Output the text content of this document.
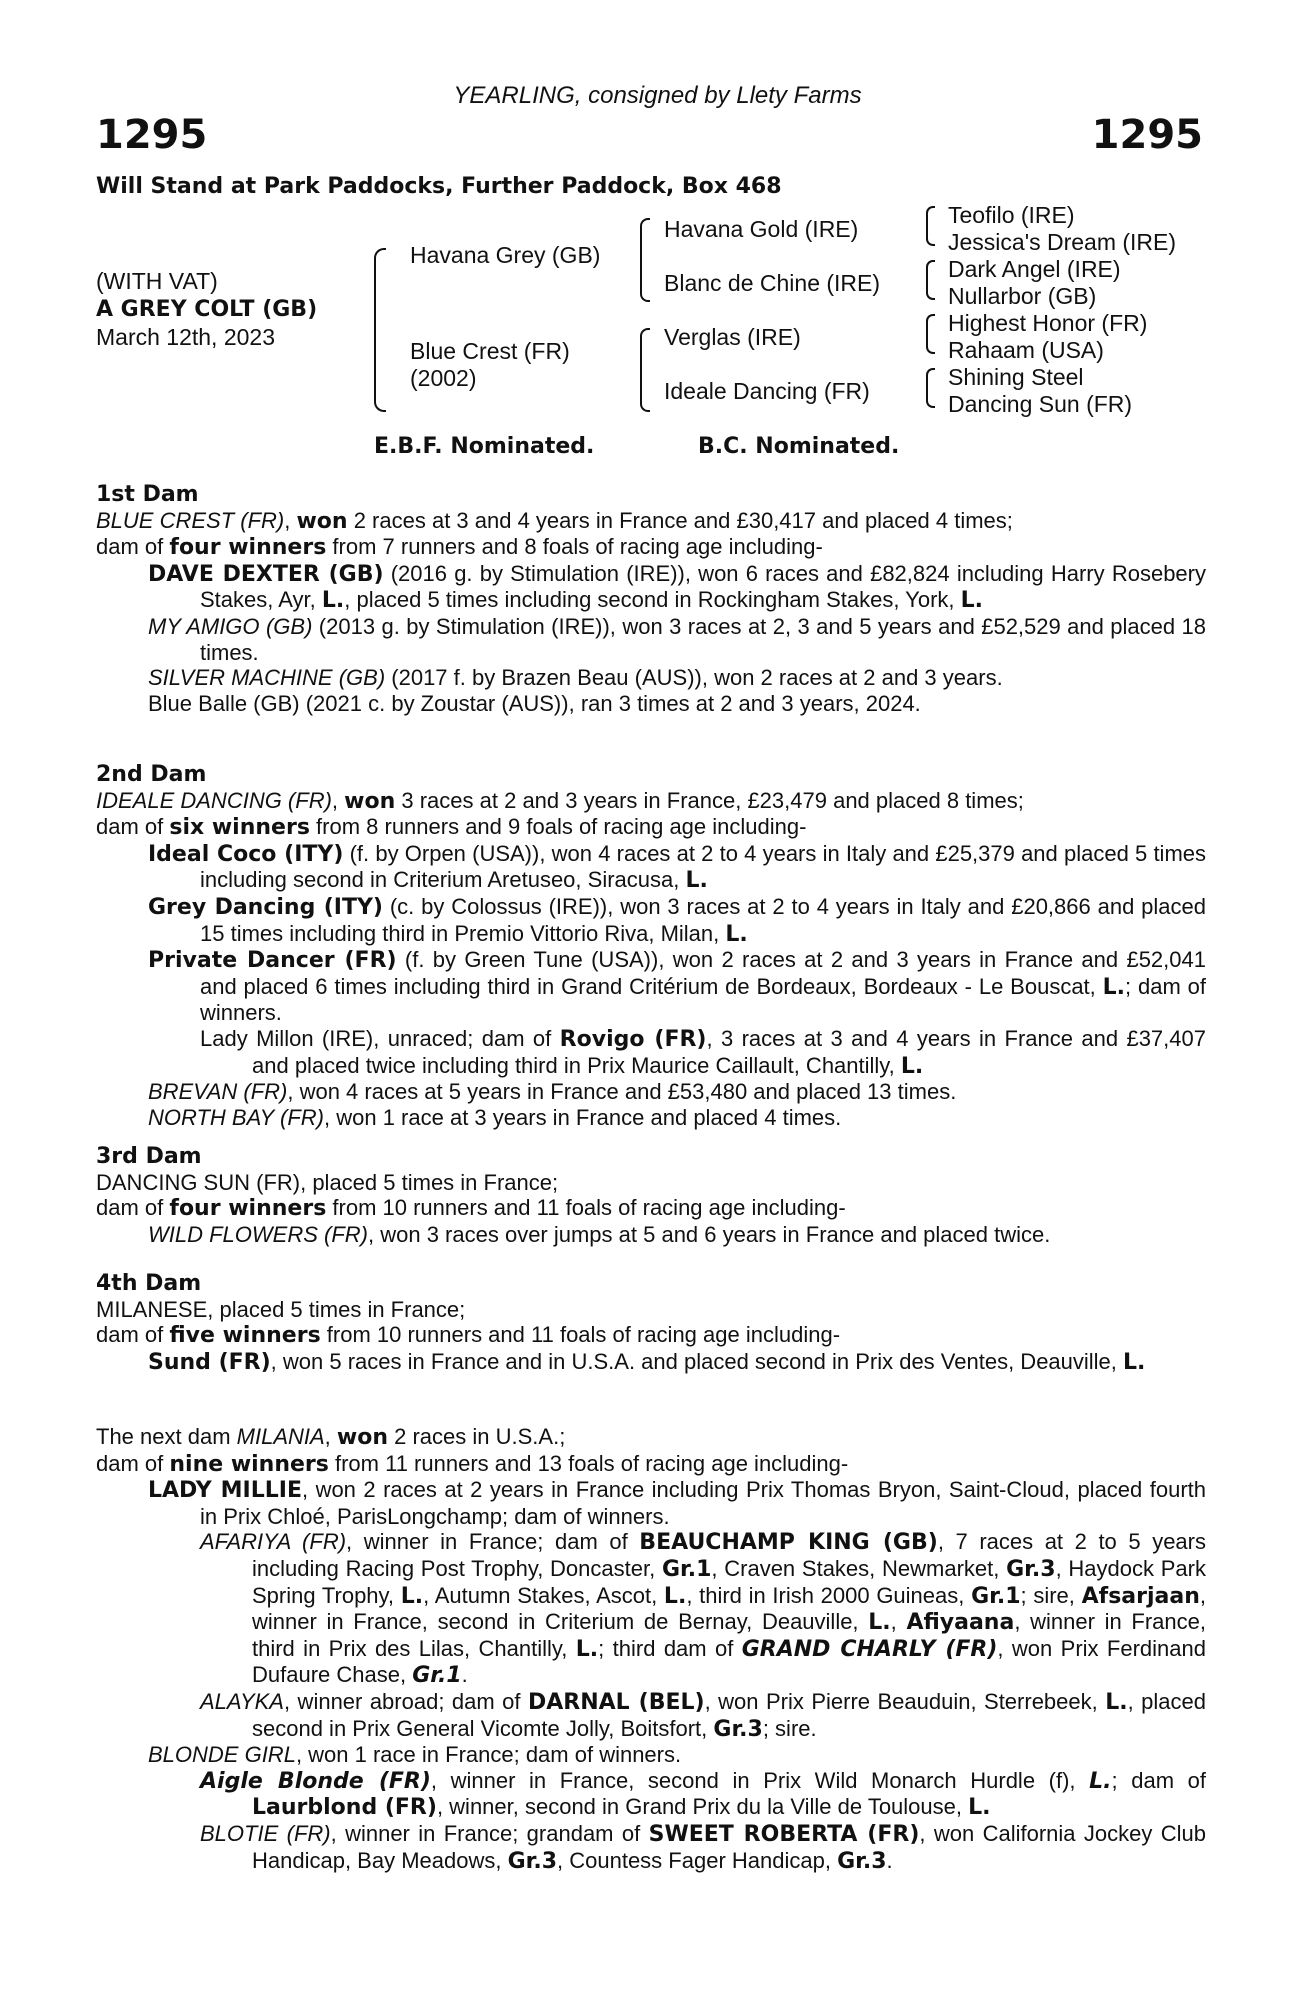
YEARLING, consigned by Llety Farms
1295	1295
Will Stand at Park Paddocks, Further Paddock, Box 468
(WITH VAT)
A GREY COLT (GB)
March 12th, 2023
Havana Grey (GB)
Blue Crest (FR)
(2002)
Havana Gold (IRE)
Blanc de Chine (IRE)
Verglas (IRE)
Ideale Dancing (FR)
Teofilo (IRE)
Jessica's Dream (IRE)
Dark Angel (IRE)
Nullarbor (GB)
Highest Honor (FR)
Rahaam (USA)
Shining Steel
Dancing Sun (FR)
E.B.F. Nominated.	B.C. Nominated.

1st Dam

BLUE CREST (FR), won 2 races at 3 and 4 years in France and £30,417 and placed 4 times;

dam of four winners from 7 runners and 8 foals of racing age including-

DAVE DEXTER (GB) (2016 g. by Stimulation (IRE)), won 6 races and £82,824 including Harry Rosebery Stakes, Ayr, L., placed 5 times including second in Rockingham Stakes, York, L.

MY AMIGO (GB) (2013 g. by Stimulation (IRE)), won 3 races at 2, 3 and 5 years and £52,529 and placed 18 times.

SILVER MACHINE (GB) (2017 f. by Brazen Beau (AUS)), won 2 races at 2 and 3 years.

Blue Balle (GB) (2021 c. by Zoustar (AUS)), ran 3 times at 2 and 3 years, 2024.

2nd Dam

IDEALE DANCING (FR), won 3 races at 2 and 3 years in France, £23,479 and placed 8 times;

dam of six winners from 8 runners and 9 foals of racing age including-

Ideal Coco (ITY) (f. by Orpen (USA)), won 4 races at 2 to 4 years in Italy and £25,379 and placed 5 times including second in Criterium Aretuseo, Siracusa, L.

Grey Dancing (ITY) (c. by Colossus (IRE)), won 3 races at 2 to 4 years in Italy and £20,866 and placed 15 times including third in Premio Vittorio Riva, Milan, L.

Private Dancer (FR) (f. by Green Tune (USA)), won 2 races at 2 and 3 years in France and £52,041 and placed 6 times including third in Grand Critérium de Bordeaux, Bordeaux - Le Bouscat, L.; dam of winners.

Lady Millon (IRE), unraced; dam of Rovigo (FR), 3 races at 3 and 4 years in France and £37,407 and placed twice including third in Prix Maurice Caillault, Chantilly, L.

BREVAN (FR), won 4 races at 5 years in France and £53,480 and placed 13 times.

NORTH BAY (FR), won 1 race at 3 years in France and placed 4 times.

3rd Dam

DANCING SUN (FR), placed 5 times in France;

dam of four winners from 10 runners and 11 foals of racing age including-

WILD FLOWERS (FR), won 3 races over jumps at 5 and 6 years in France and placed twice.

4th Dam

MILANESE, placed 5 times in France;

dam of five winners from 10 runners and 11 foals of racing age including-

Sund (FR), won 5 races in France and in U.S.A. and placed second in Prix des Ventes, Deauville, L.

The next dam MILANIA, won 2 races in U.S.A.;

dam of nine winners from 11 runners and 13 foals of racing age including-

LADY MILLIE, won 2 races at 2 years in France including Prix Thomas Bryon, Saint-Cloud, placed fourth in Prix Chloé, ParisLongchamp; dam of winners.

AFARIYA (FR), winner in France; dam of BEAUCHAMP KING (GB), 7 races at 2 to 5 years including Racing Post Trophy, Doncaster, Gr.1, Craven Stakes, Newmarket, Gr.3, Haydock Park Spring Trophy, L., Autumn Stakes, Ascot, L., third in Irish 2000 Guineas, Gr.1; sire, Afsarjaan, winner in France, second in Criterium de Bernay, Deauville, L., Afiyaana, winner in France, third in Prix des Lilas, Chantilly, L.; third dam of GRAND CHARLY (FR), won Prix Ferdinand Dufaure Chase, Gr.1.

ALAYKA, winner abroad; dam of DARNAL (BEL), won Prix Pierre Beauduin, Sterrebeek, L., placed second in Prix General Vicomte Jolly, Boitsfort, Gr.3; sire.

BLONDE GIRL, won 1 race in France; dam of winners.

Aigle Blonde (FR), winner in France, second in Prix Wild Monarch Hurdle (f), L.; dam of Laurblond (FR), winner, second in Grand Prix du la Ville de Toulouse, L.

BLOTIE (FR), winner in France; grandam of SWEET ROBERTA (FR), won California Jockey Club Handicap, Bay Meadows, Gr.3, Countess Fager Handicap, Gr.3.
